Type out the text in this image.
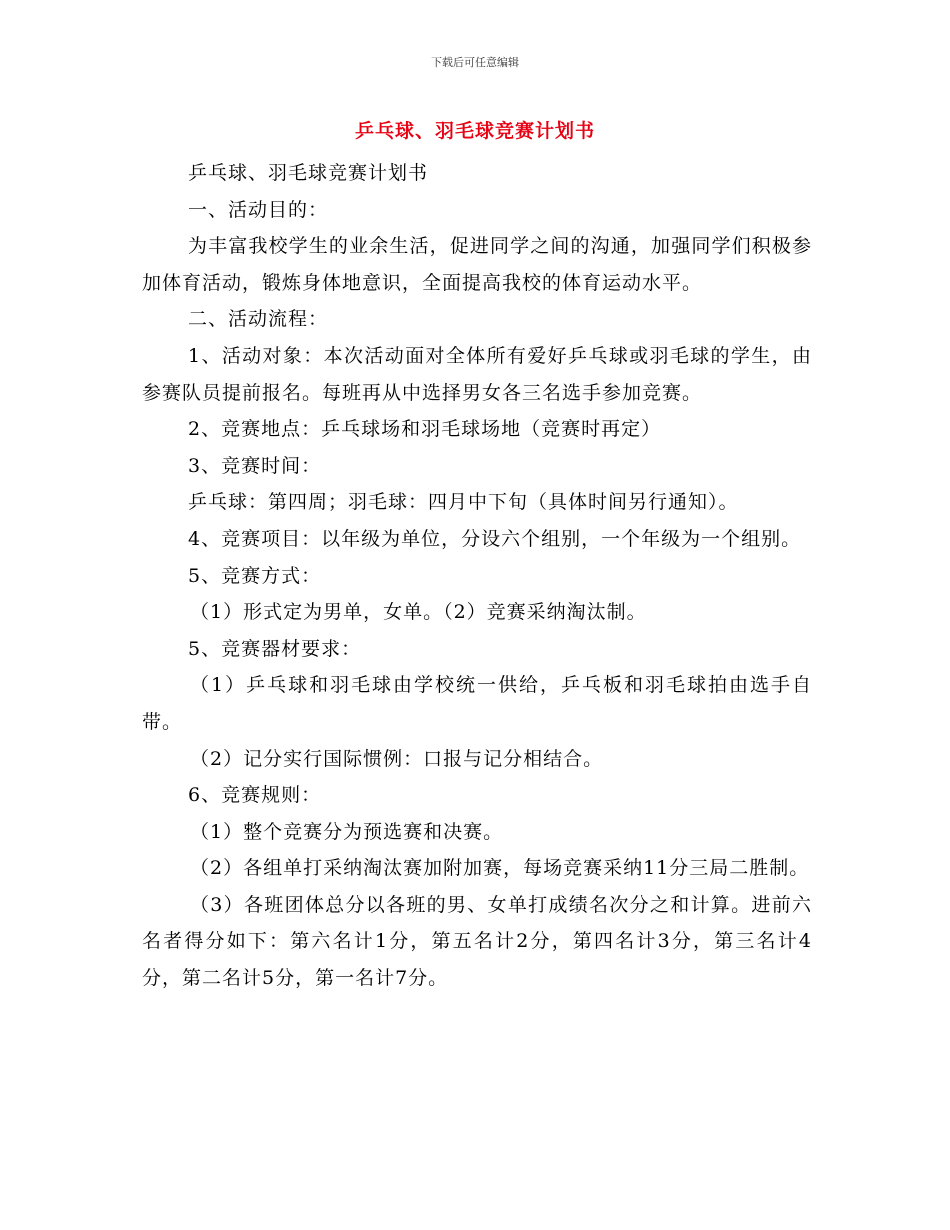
下载后可任意编辑
乒乓球、羽毛球竞赛计划书

乒乓球、羽毛球竞赛计划书

一、活动目的：

为丰富我校学生的业余生活，促进同学之间的沟通，加强同学们积极参加体育活动，锻炼身体地意识，全面提高我校的体育运动水平。

二、活动流程：

1、活动对象：本次活动面对全体所有爱好乒乓球或羽毛球的学生，由参赛队员提前报名。每班再从中选择男女各三名选手参加竞赛。

2、竞赛地点：乒乓球场和羽毛球场地（竞赛时再定）

3、竞赛时间：

乒乓球：第四周；羽毛球：四月中下旬（具体时间另行通知）。

4、竞赛项目：以年级为单位，分设六个组别，一个年级为一个组别。

5、竞赛方式：

（1）形式定为男单，女单。（2）竞赛采纳淘汰制。

5、竞赛器材要求：

（1）乒乓球和羽毛球由学校统一供给，乒乓板和羽毛球拍由选手自带。

（2）记分实行国际惯例：口报与记分相结合。

6、竞赛规则：

（1）整个竞赛分为预选赛和决赛。

（2）各组单打采纳淘汰赛加附加赛，每场竞赛采纳11分三局二胜制。

（3）各班团体总分以各班的男、女单打成绩名次分之和计算。进前六名者得分如下：第六名计1分，第五名计2分，第四名计3分，第三名计4分，第二名计5分，第一名计7分。
